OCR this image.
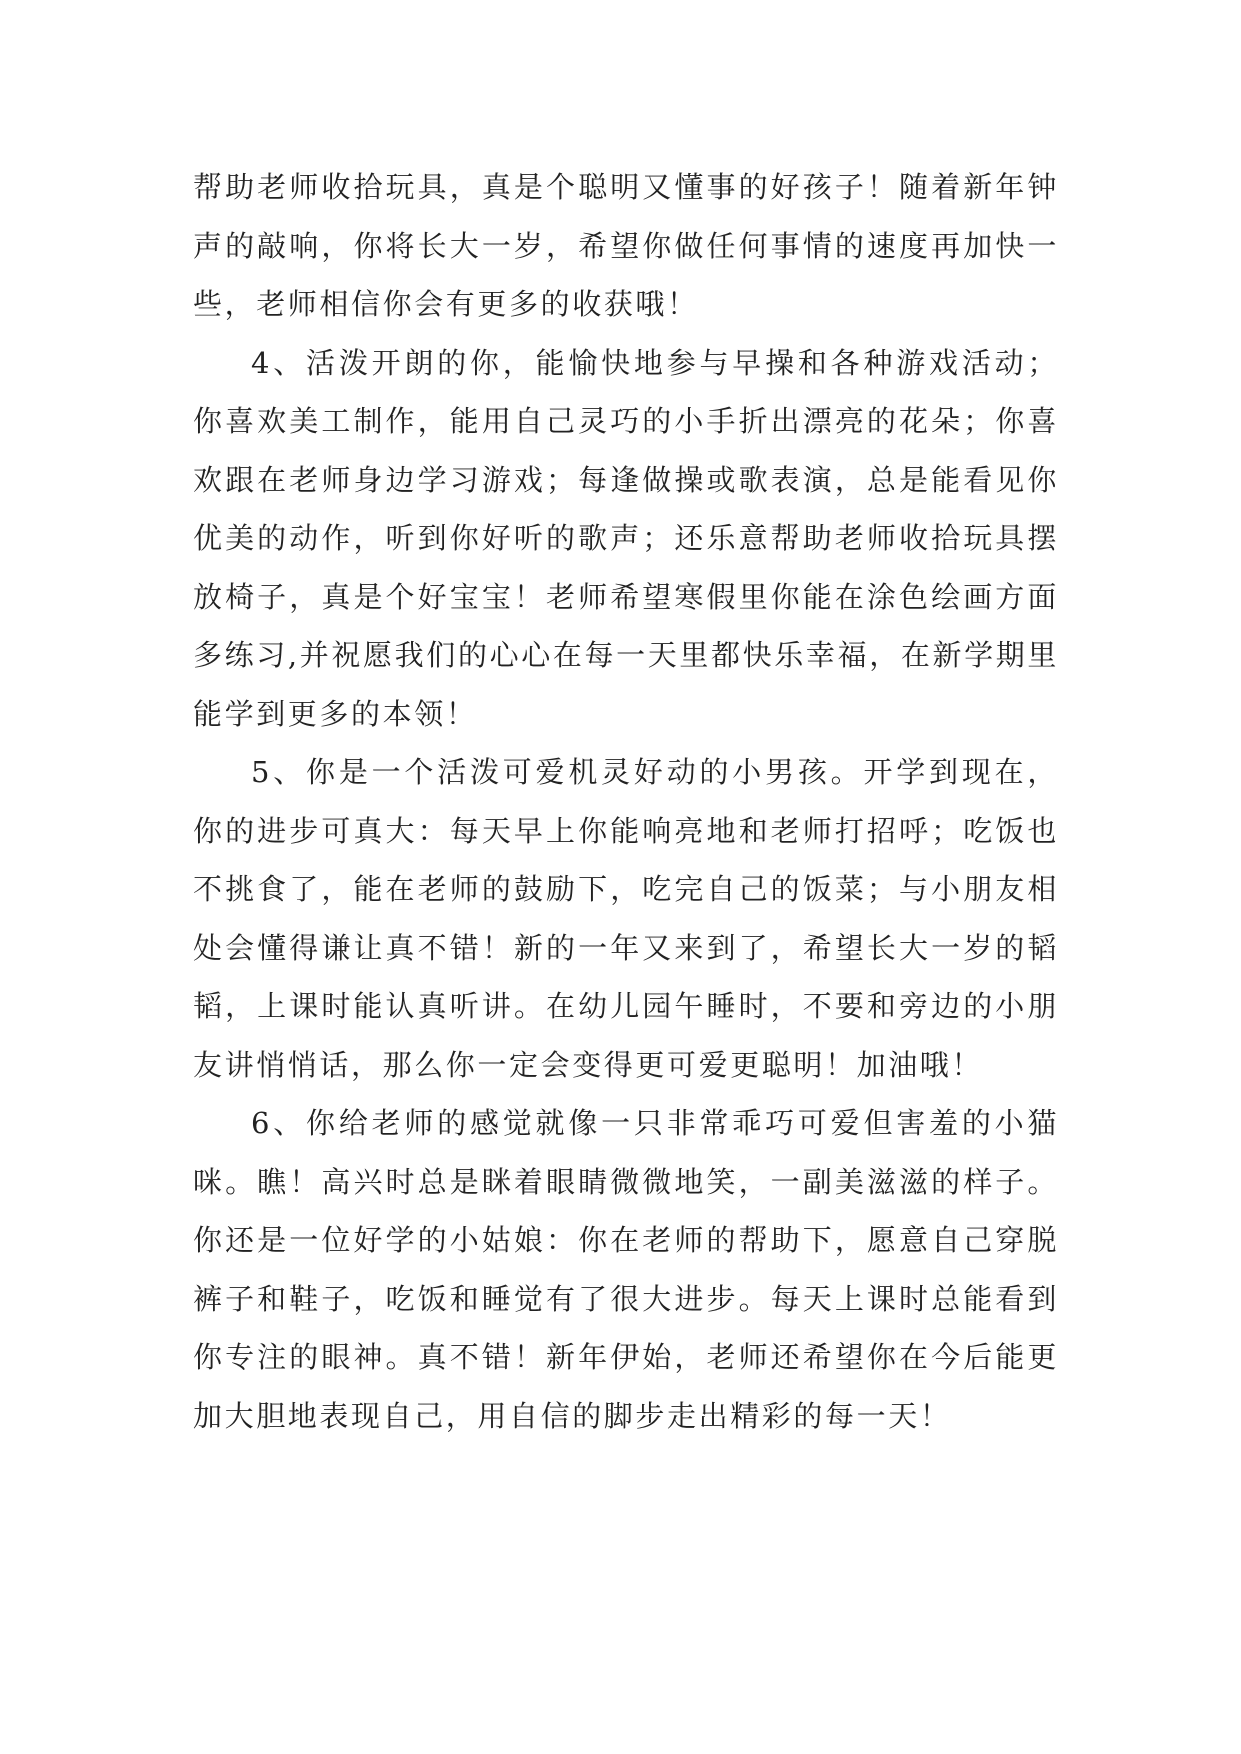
帮助老师收拾玩具，真是个聪明又懂事的好孩子！随着新年钟声的敲响，你将长大一岁，希望你做任何事情的速度再加快一些，老师相信你会有更多的收获哦！

4、活泼开朗的你，能愉快地参与早操和各种游戏活动；你喜欢美工制作，能用自己灵巧的小手折出漂亮的花朵；你喜欢跟在老师身边学习游戏；每逢做操或歌表演，总是能看见你优美的动作，听到你好听的歌声；还乐意帮助老师收拾玩具摆放椅子，真是个好宝宝！老师希望寒假里你能在涂色绘画方面多练习,并祝愿我们的心心在每一天里都快乐幸福，在新学期里能学到更多的本领！

5、你是一个活泼可爱机灵好动的小男孩。开学到现在，你的进步可真大：每天早上你能响亮地和老师打招呼；吃饭也不挑食了，能在老师的鼓励下，吃完自己的饭菜；与小朋友相处会懂得谦让真不错！新的一年又来到了，希望长大一岁的韬韬，上课时能认真听讲。在幼儿园午睡时，不要和旁边的小朋友讲悄悄话，那么你一定会变得更可爱更聪明！加油哦！

6、你给老师的感觉就像一只非常乖巧可爱但害羞的小猫咪。瞧！高兴时总是眯着眼睛微微地笑，一副美滋滋的样子。你还是一位好学的小姑娘：你在老师的帮助下，愿意自己穿脱裤子和鞋子，吃饭和睡觉有了很大进步。每天上课时总能看到你专注的眼神。真不错！新年伊始，老师还希望你在今后能更加大胆地表现自己，用自信的脚步走出精彩的每一天！
